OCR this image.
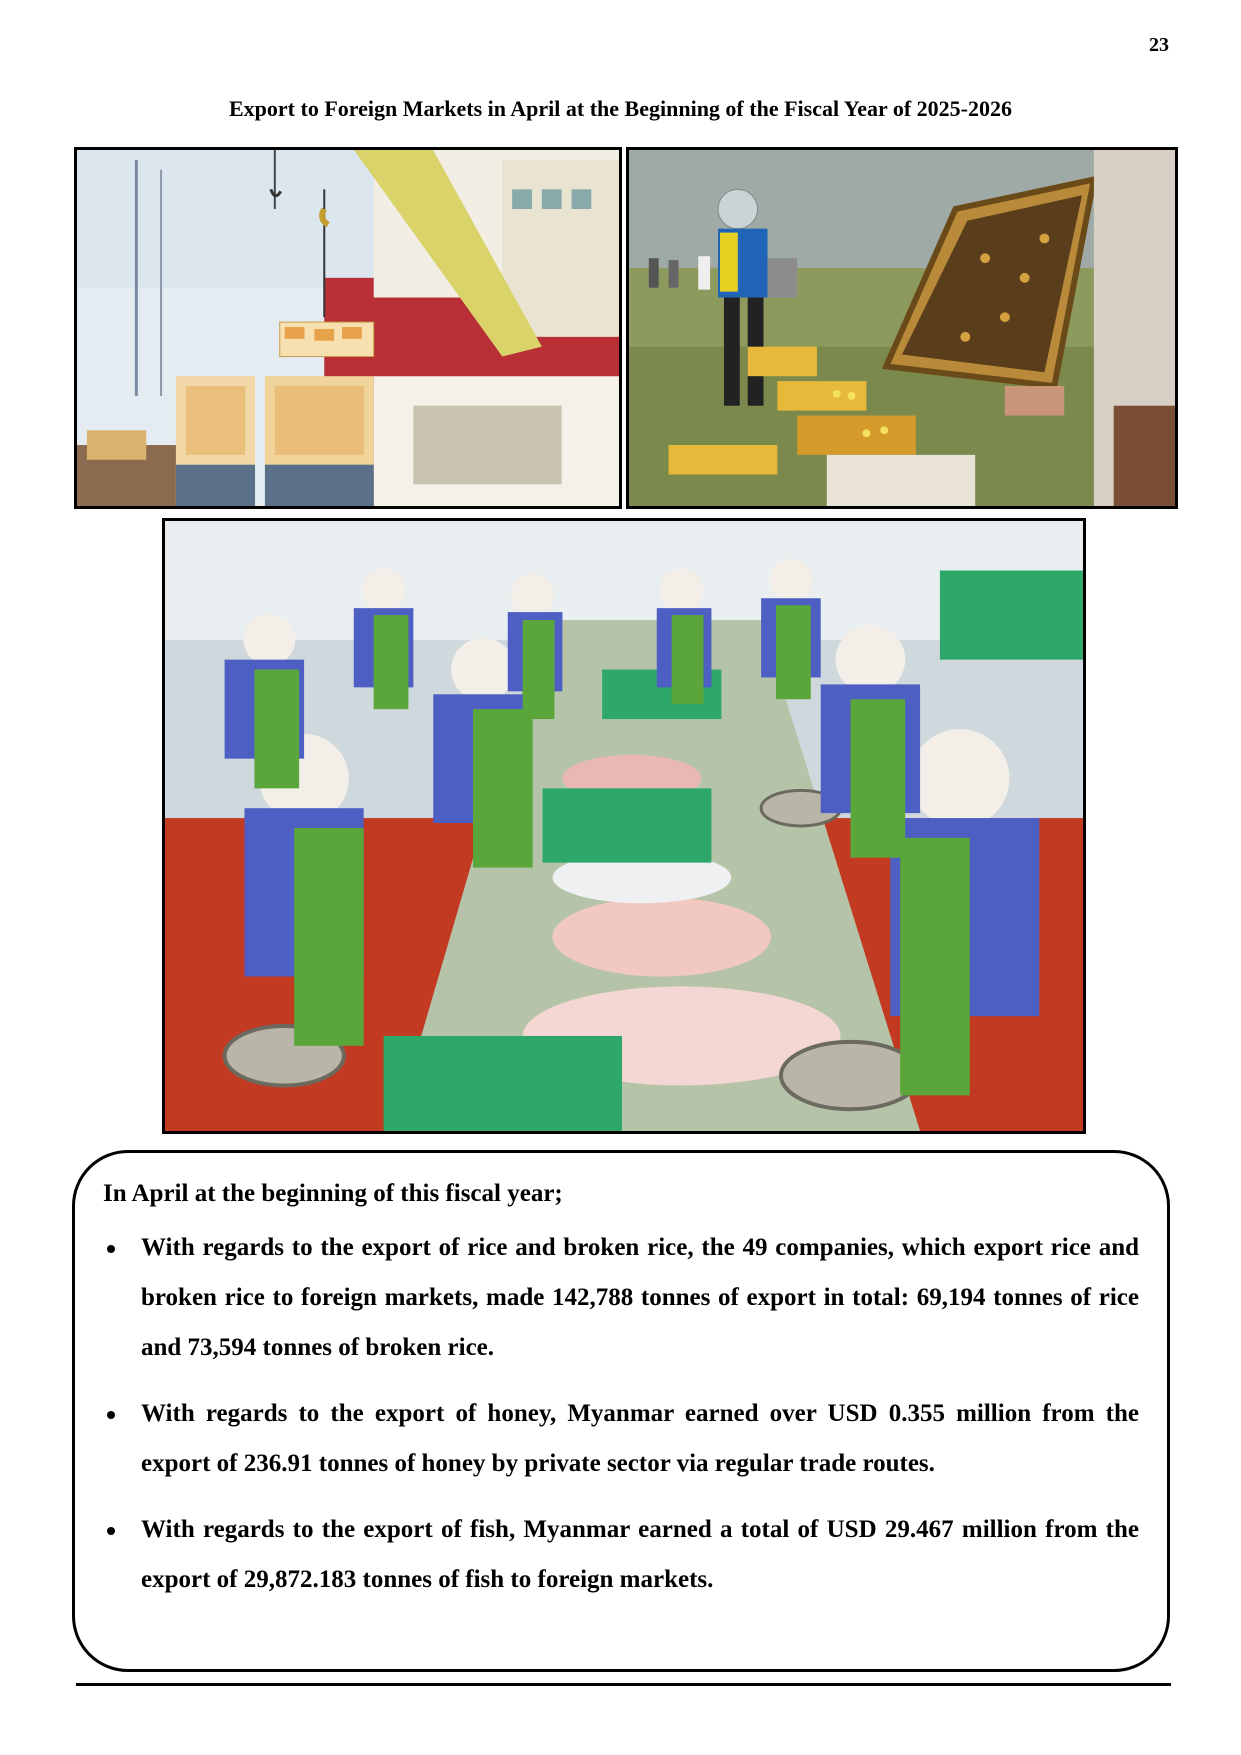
23
Export to Foreign Markets in April at the Beginning of the Fiscal Year of 2025-2026

In April at the beginning of this fiscal year;

With regards to the export of rice and broken rice, the 49 companies, which export rice and broken rice to foreign markets, made 142,788 tonnes of export in total: 69,194 tonnes of rice and 73,594 tonnes of broken rice.
With regards to the export of honey, Myanmar earned over USD 0.355 million from the export of 236.91 tonnes of honey by private sector via regular trade routes.
With regards to the export of fish, Myanmar earned a total of USD 29.467 million from the export of 29,872.183 tonnes of fish to foreign markets.
